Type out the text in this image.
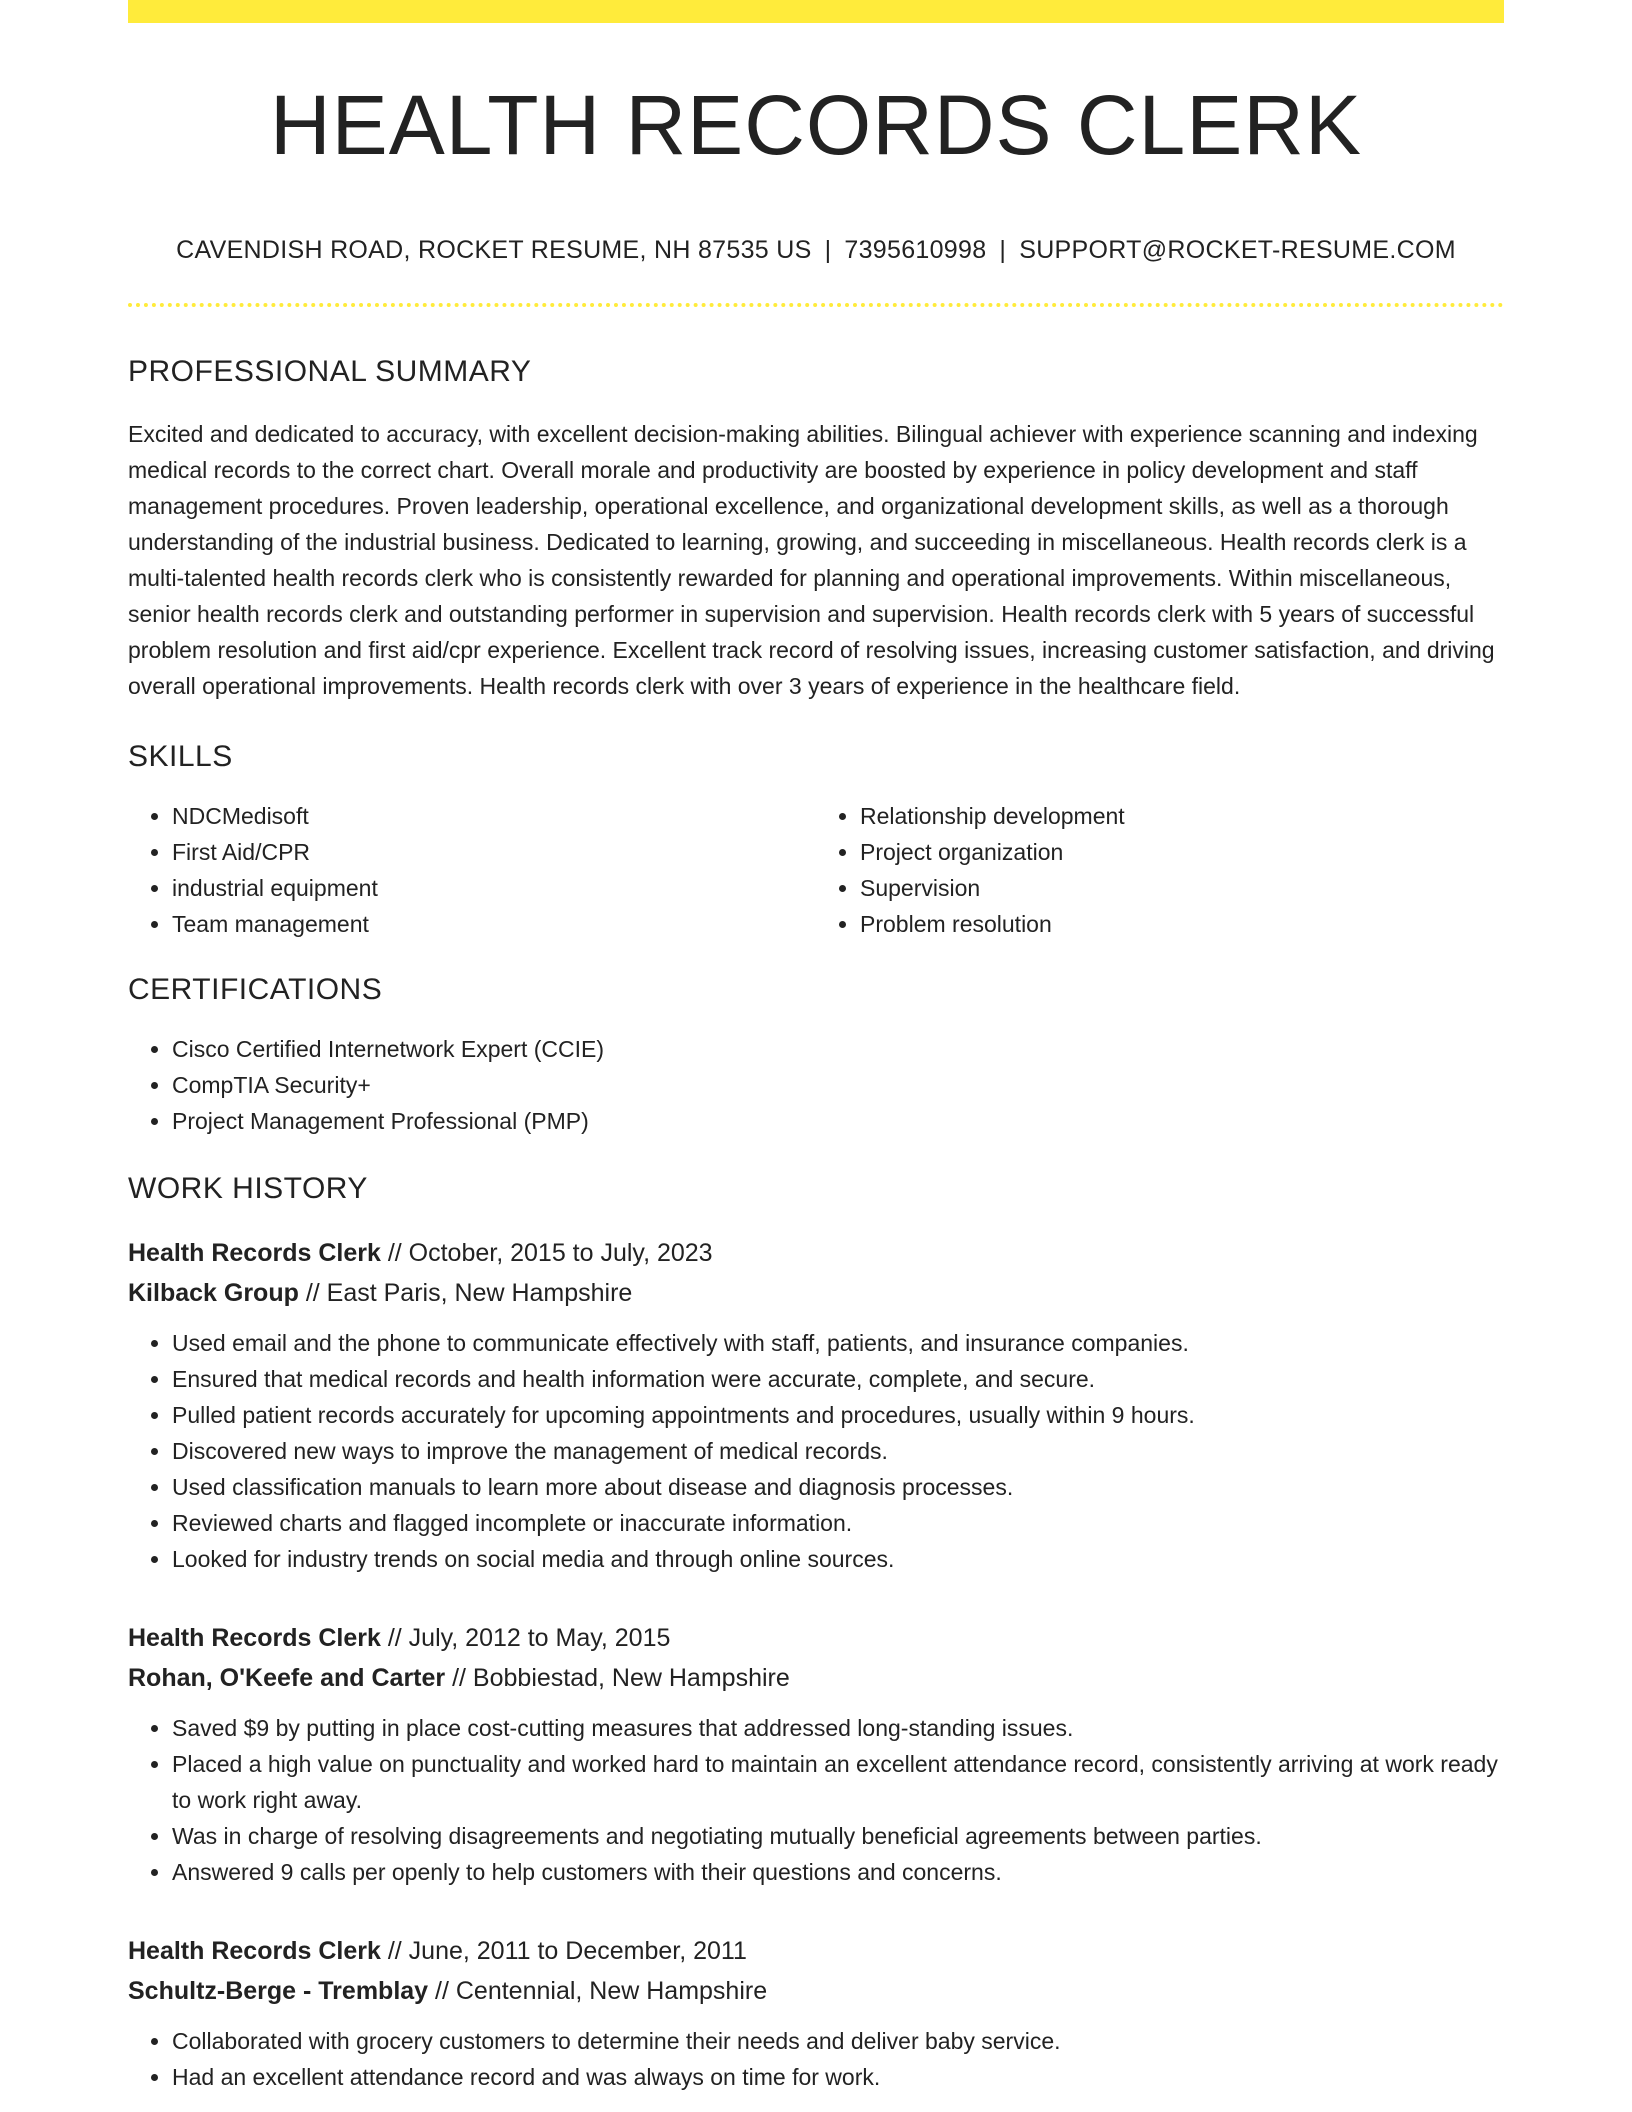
HEALTH RECORDS CLERK
CAVENDISH ROAD, ROCKET RESUME, NH 87535 US | 7395610998 | SUPPORT@ROCKET-RESUME.COM
PROFESSIONAL SUMMARY

Excited and dedicated to accuracy, with excellent decision-making abilities. Bilingual achiever with experience scanning and indexing medical records to the correct chart. Overall morale and productivity are boosted by experience in policy development and staff management procedures. Proven leadership, operational excellence, and organizational development skills, as well as a thorough understanding of the industrial business. Dedicated to learning, growing, and succeeding in miscellaneous. Health records clerk is a multi-talented health records clerk who is consistently rewarded for planning and operational improvements. Within miscellaneous, senior health records clerk and outstanding performer in supervision and supervision. Health records clerk with 5 years of successful problem resolution and first aid/cpr experience. Excellent track record of resolving issues, increasing customer satisfaction, and driving overall operational improvements. Health records clerk with over 3 years of experience in the healthcare field.

SKILLS
• NDCMedisoft
• First Aid/CPR
• industrial equipment
• Team management
• Relationship development
• Project organization
• Supervision
• Problem resolution
CERTIFICATIONS
• Cisco Certified Internetwork Expert (CCIE)
• CompTIA Security+
• Project Management Professional (PMP)
WORK HISTORY
Health Records Clerk // October, 2015 to July, 2023
Kilback Group // East Paris, New Hampshire
• Used email and the phone to communicate effectively with staff, patients, and insurance companies.
• Ensured that medical records and health information were accurate, complete, and secure.
• Pulled patient records accurately for upcoming appointments and procedures, usually within 9 hours.
• Discovered new ways to improve the management of medical records.
• Used classification manuals to learn more about disease and diagnosis processes.
• Reviewed charts and flagged incomplete or inaccurate information.
• Looked for industry trends on social media and through online sources.
Health Records Clerk // July, 2012 to May, 2015
Rohan, O'Keefe and Carter // Bobbiestad, New Hampshire
• Saved $9 by putting in place cost-cutting measures that addressed long-standing issues.
• Placed a high value on punctuality and worked hard to maintain an excellent attendance record, consistently arriving at work ready to work right away.
• Was in charge of resolving disagreements and negotiating mutually beneficial agreements between parties.
• Answered 9 calls per openly to help customers with their questions and concerns.
Health Records Clerk // June, 2011 to December, 2011
Schultz-Berge - Tremblay // Centennial, New Hampshire
• Collaborated with grocery customers to determine their needs and deliver baby service.
• Had an excellent attendance record and was always on time for work.
